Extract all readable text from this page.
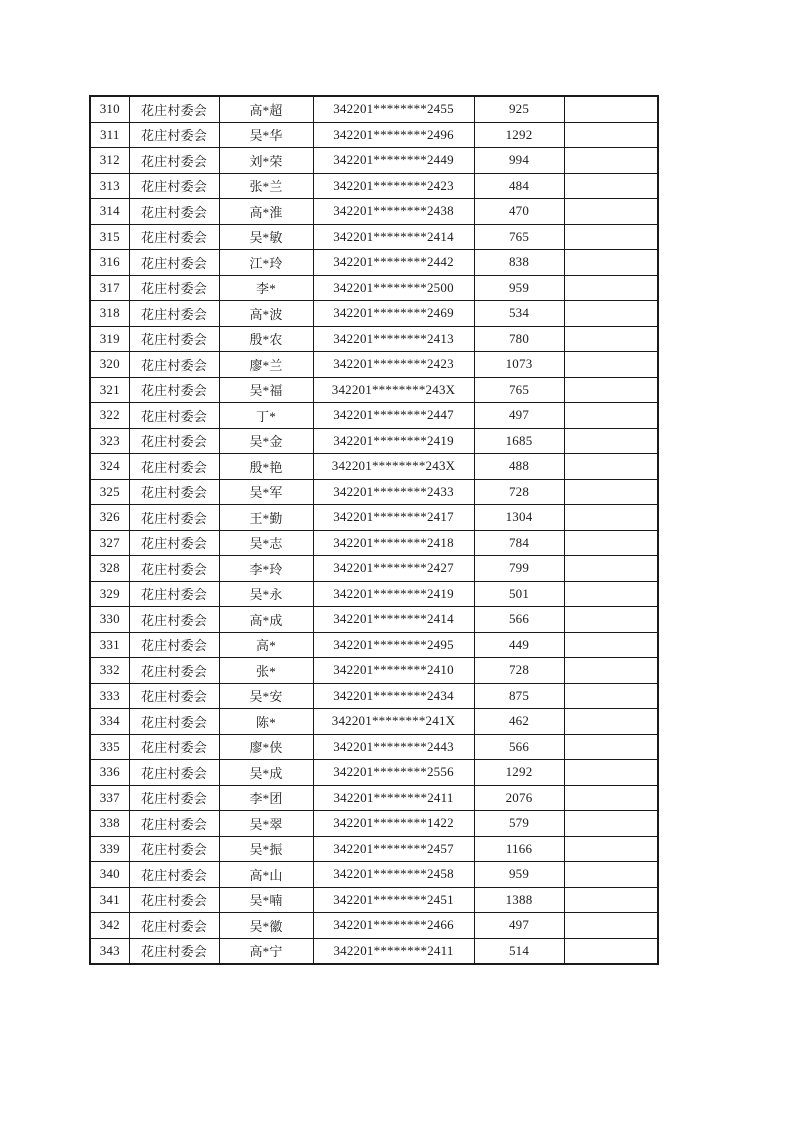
310	花庄村委会	高*超	342201********2455	925	
311	花庄村委会	吴*华	342201********2496	1292	
312	花庄村委会	刘*荣	342201********2449	994	
313	花庄村委会	张*兰	342201********2423	484	
314	花庄村委会	高*淮	342201********2438	470	
315	花庄村委会	吴*敏	342201********2414	765	
316	花庄村委会	江*玲	342201********2442	838	
317	花庄村委会	李*	342201********2500	959	
318	花庄村委会	高*波	342201********2469	534	
319	花庄村委会	殷*农	342201********2413	780	
320	花庄村委会	廖*兰	342201********2423	1073	
321	花庄村委会	吴*福	342201********243X	765	
322	花庄村委会	丁*	342201********2447	497	
323	花庄村委会	吴*金	342201********2419	1685	
324	花庄村委会	殷*艳	342201********243X	488	
325	花庄村委会	吴*军	342201********2433	728	
326	花庄村委会	王*勤	342201********2417	1304	
327	花庄村委会	吴*志	342201********2418	784	
328	花庄村委会	李*玲	342201********2427	799	
329	花庄村委会	吴*永	342201********2419	501	
330	花庄村委会	高*成	342201********2414	566	
331	花庄村委会	高*	342201********2495	449	
332	花庄村委会	张*	342201********2410	728	
333	花庄村委会	吴*安	342201********2434	875	
334	花庄村委会	陈*	342201********241X	462	
335	花庄村委会	廖*侠	342201********2443	566	
336	花庄村委会	吴*成	342201********2556	1292	
337	花庄村委会	李*团	342201********2411	2076	
338	花庄村委会	吴*翠	342201********1422	579	
339	花庄村委会	吴*振	342201********2457	1166	
340	花庄村委会	高*山	342201********2458	959	
341	花庄村委会	吴*喃	342201********2451	1388	
342	花庄村委会	吴*徽	342201********2466	497	
343	花庄村委会	高*宁	342201********2411	514	
